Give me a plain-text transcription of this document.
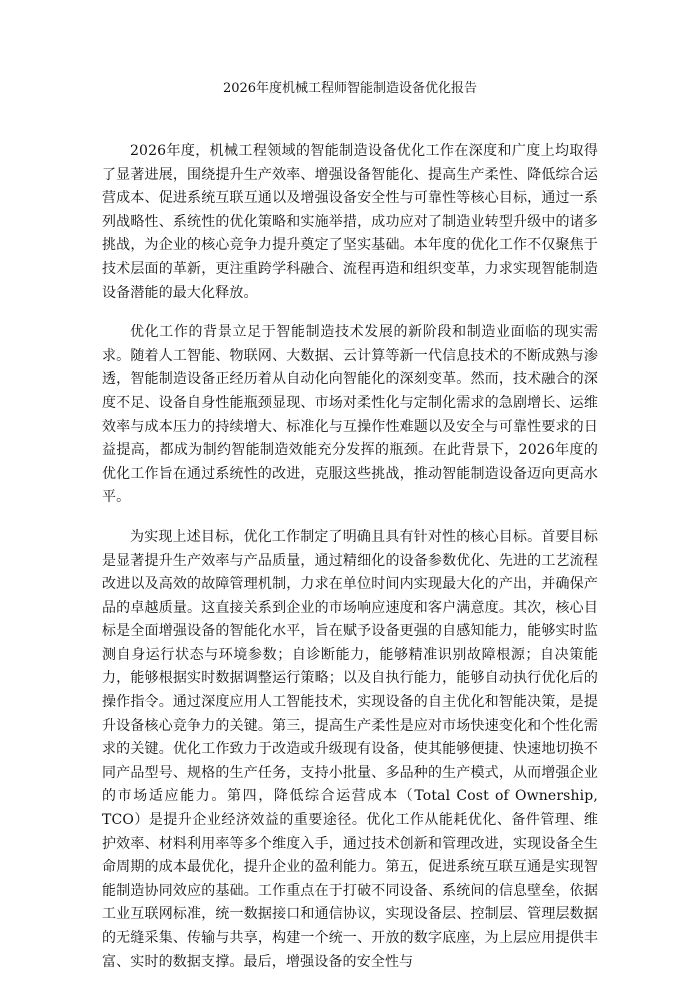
2026年度机械工程师智能制造设备优化报告

2026年度，机械工程领域的智能制造设备优化工作在深度和广度上均取得了显著进展，围绕提升生产效率、增强设备智能化、提高生产柔性、降低综合运营成本、促进系统互联互通以及增强设备安全性与可靠性等核心目标，通过一系列战略性、系统性的优化策略和实施举措，成功应对了制造业转型升级中的诸多挑战，为企业的核心竞争力提升奠定了坚实基础。本年度的优化工作不仅聚焦于技术层面的革新，更注重跨学科融合、流程再造和组织变革，力求实现智能制造设备潜能的最大化释放。

优化工作的背景立足于智能制造技术发展的新阶段和制造业面临的现实需求。随着人工智能、物联网、大数据、云计算等新一代信息技术的不断成熟与渗透，智能制造设备正经历着从自动化向智能化的深刻变革。然而，技术融合的深度不足、设备自身性能瓶颈显现、市场对柔性化与定制化需求的急剧增长、运维效率与成本压力的持续增大、标准化与互操作性难题以及安全与可靠性要求的日益提高，都成为制约智能制造效能充分发挥的瓶颈。在此背景下，2026年度的优化工作旨在通过系统性的改进，克服这些挑战，推动智能制造设备迈向更高水平。

为实现上述目标，优化工作制定了明确且具有针对性的核心目标。首要目标是显著提升生产效率与产品质量，通过精细化的设备参数优化、先进的工艺流程改进以及高效的故障管理机制，力求在单位时间内实现最大化的产出，并确保产品的卓越质量。这直接关系到企业的市场响应速度和客户满意度。其次，核心目标是全面增强设备的智能化水平，旨在赋予设备更强的自感知能力，能够实时监测自身运行状态与环境参数；自诊断能力，能够精准识别故障根源；自决策能力，能够根据实时数据调整运行策略；以及自执行能力，能够自动执行优化后的操作指令。通过深度应用人工智能技术，实现设备的自主优化和智能决策，是提升设备核心竞争力的关键。第三，提高生产柔性是应对市场快速变化和个性化需求的关键。优化工作致力于改造或升级现有设备，使其能够便捷、快速地切换不同产品型号、规格的生产任务，支持小批量、多品种的生产模式，从而增强企业的市场适应能力。第四，降低综合运营成本（Total Cost of Ownership, TCO）是提升企业经济效益的重要途径。优化工作从能耗优化、备件管理、维护效率、材料利用率等多个维度入手，通过技术创新和管理改进，实现设备全生命周期的成本最优化，提升企业的盈利能力。第五，促进系统互联互通是实现智能制造协同效应的基础。工作重点在于打破不同设备、系统间的信息壁垒，依据工业互联网标准，统一数据接口和通信协议，实现设备层、控制层、管理层数据的无缝采集、传输与共享，构建一个统一、开放的数字底座，为上层应用提供丰富、实时的数据支撑。最后，增强设备的安全性与
